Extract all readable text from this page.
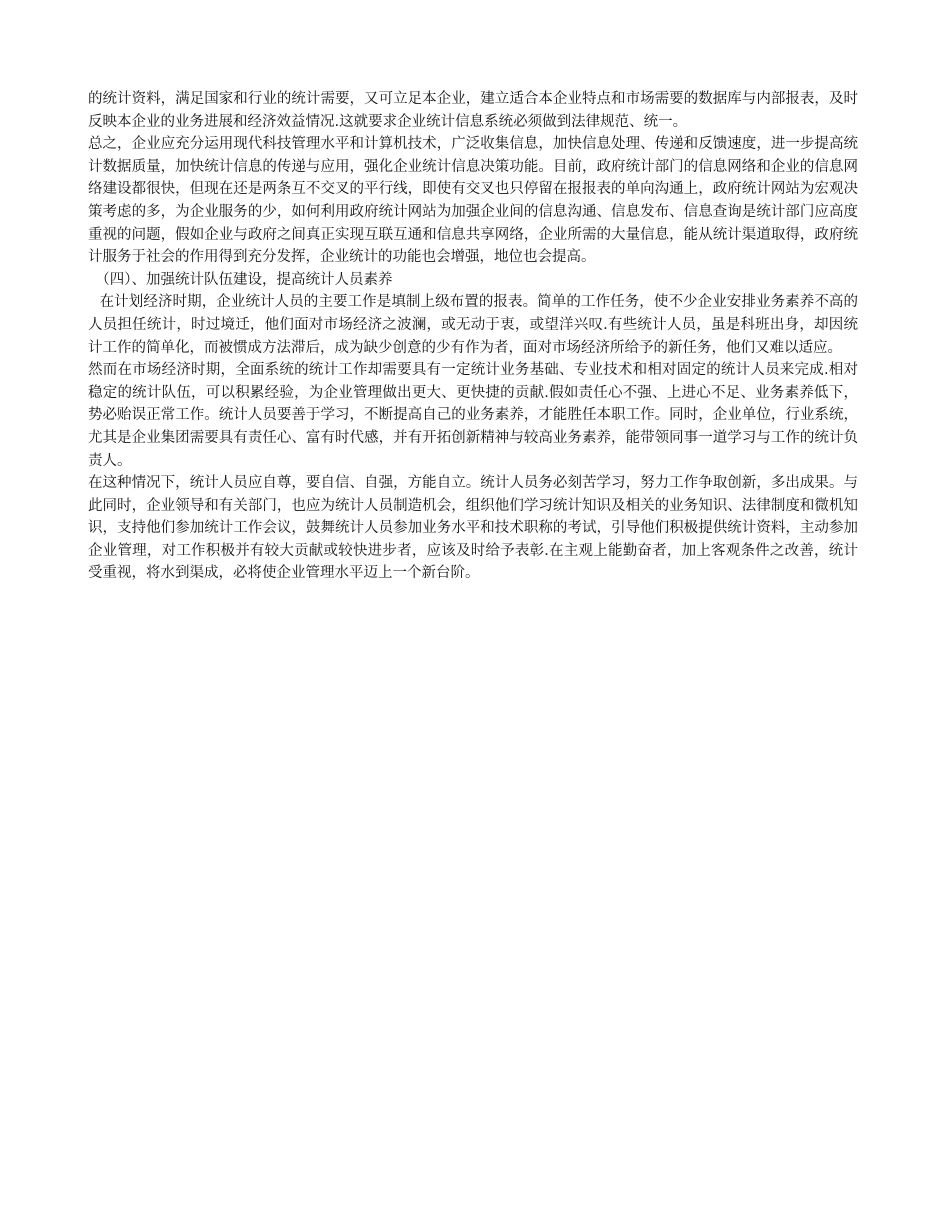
的统计资料，满足国家和行业的统计需要，又可立足本企业，建立适合本企业特点和市场需要的数据库与内部报表，及时反映本企业的业务进展和经济效益情况.这就要求企业统计信息系统必须做到法律规范、统一。

总之，企业应充分运用现代科技管理水平和计算机技术，广泛收集信息，加快信息处理、传递和反馈速度，进一步提高统计数据质量，加快统计信息的传递与应用，强化企业统计信息决策功能。目前，政府统计部门的信息网络和企业的信息网络建设都很快，但现在还是两条互不交叉的平行线，即使有交叉也只停留在报报表的单向沟通上，政府统计网站为宏观决策考虑的多，为企业服务的少，如何利用政府统计网站为加强企业间的信息沟通、信息发布、信息查询是统计部门应高度重视的问题，假如企业与政府之间真正实现互联互通和信息共享网络，企业所需的大量信息，能从统计渠道取得，政府统计服务于社会的作用得到充分发挥，企业统计的功能也会增强，地位也会提高。

（四）、加强统计队伍建设，提高统计人员素养

在计划经济时期，企业统计人员的主要工作是填制上级布置的报表。简单的工作任务，使不少企业安排业务素养不高的人员担任统计，时过境迁，他们面对市场经济之波澜，或无动于衷，或望洋兴叹.有些统计人员，虽是科班出身，却因统计工作的简单化，而被惯成方法滞后，成为缺少创意的少有作为者，面对市场经济所给予的新任务，他们又难以适应。

然而在市场经济时期，全面系统的统计工作却需要具有一定统计业务基础、专业技术和相对固定的统计人员来完成.相对稳定的统计队伍，可以积累经验，为企业管理做出更大、更快捷的贡献.假如责任心不强、上进心不足、业务素养低下，势必贻误正常工作。统计人员要善于学习，不断提高自己的业务素养，才能胜任本职工作。同时，企业单位，行业系统，尤其是企业集团需要具有责任心、富有时代感，并有开拓创新精神与较高业务素养，能带领同事一道学习与工作的统计负责人。

在这种情况下，统计人员应自尊，要自信、自强，方能自立。统计人员务必刻苦学习，努力工作争取创新，多出成果。与此同时，企业领导和有关部门，也应为统计人员制造机会，组织他们学习统计知识及相关的业务知识、法律制度和微机知识，支持他们参加统计工作会议，鼓舞统计人员参加业务水平和技术职称的考试，引导他们积极提供统计资料，主动参加企业管理，对工作积极并有较大贡献或较快进步者，应该及时给予表彰.在主观上能勤奋者，加上客观条件之改善，统计受重视，将水到渠成，必将使企业管理水平迈上一个新台阶。
